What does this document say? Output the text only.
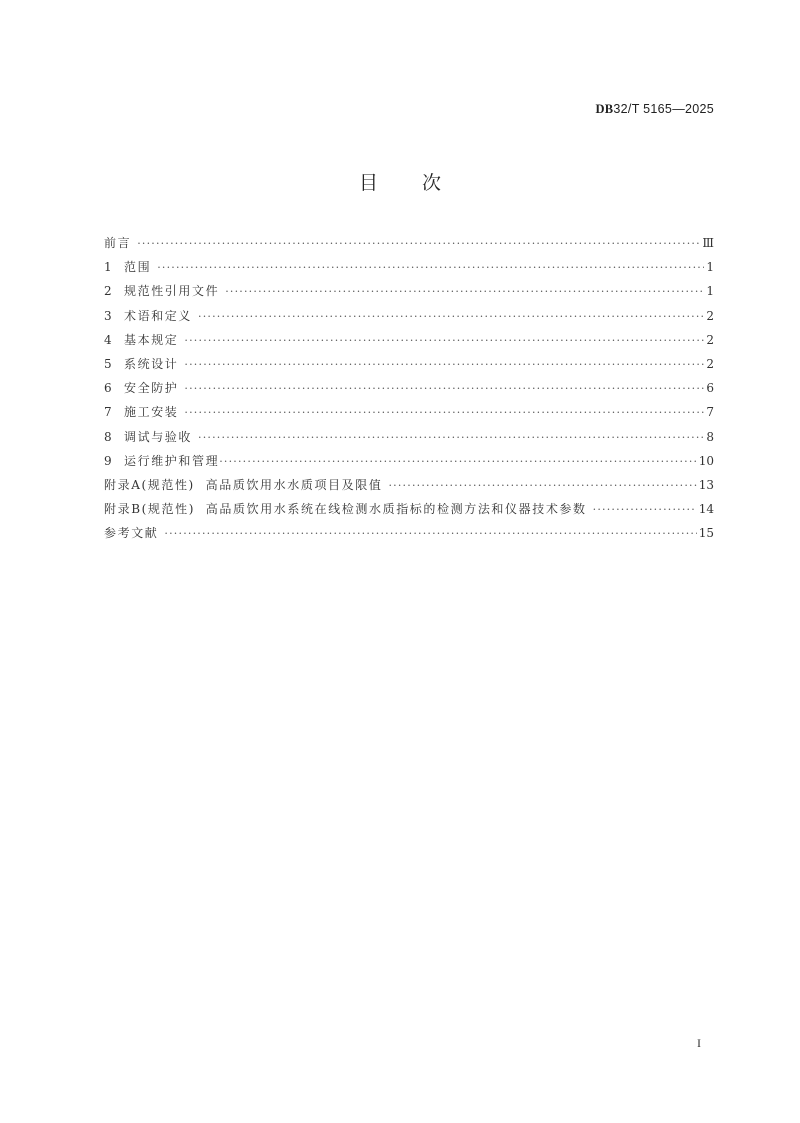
DB32/T 5165—2025
目次
前言 ·····	Ⅲ
1	范围 ·····	1
2	规范性引用文件 ·····	1
3	术语和定义 ·····	2
4	基本规定 ·····	2
5	系统设计 ·····	2
6	安全防护 ·····	6
7	施工安装 ·····	7
8	调试与验收 ·····	8
9	运行维护和管理 ·····	10
附录A(规范性)  高品质饮用水水质项目及限值 ·····	13
附录B(规范性)  高品质饮用水系统在线检测水质指标的检测方法和仪器技术参数 ·····	14
参考文献 ·····	15
I
